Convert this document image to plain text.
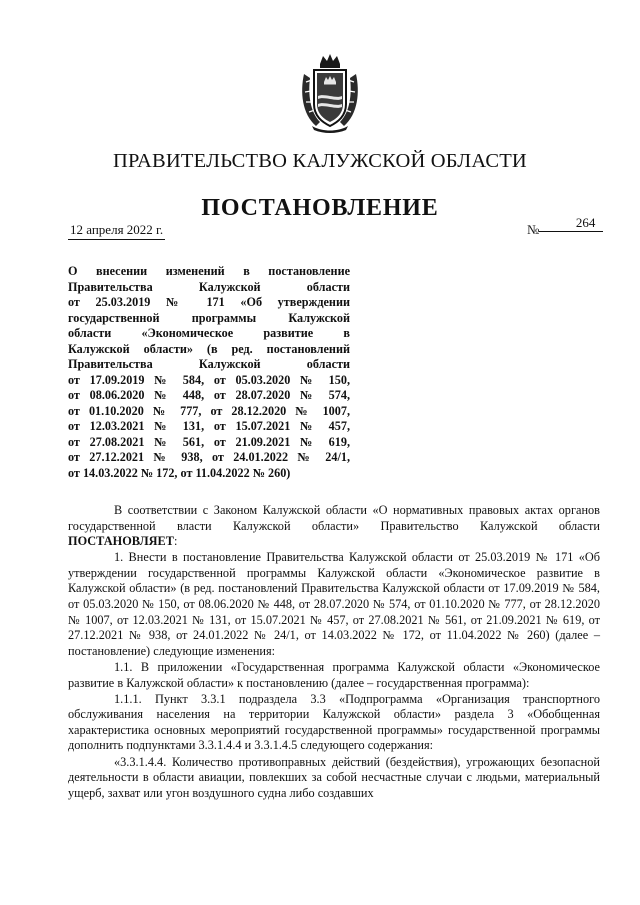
ПРАВИТЕЛЬСТВО КАЛУЖСКОЙ ОБЛАСТИ
ПОСТАНОВЛЕНИЕ
12 апреля 2022 г.	№	264
О внесении изменений в постановление
Правительства Калужской области
от 25.03.2019 № 171 «Об утверждении
государственной программы Калужской
области «Экономическое развитие в
Калужской области» (в ред. постановлений
Правительства Калужской области
от 17.09.2019 № 584, от 05.03.2020 № 150,
от 08.06.2020 № 448, от 28.07.2020 № 574,
от 01.10.2020 № 777, от 28.12.2020 № 1007,
от 12.03.2021 № 131, от 15.07.2021 № 457,
от 27.08.2021 № 561, от 21.09.2021 № 619,
от 27.12.2021 № 938, от 24.01.2022 № 24/1,
от 14.03.2022 № 172, от 11.04.2022 № 260)

В соответствии с Законом Калужской области «О нормативных правовых актах органов государственной власти Калужской области» Правительство Калужской области ПОСТАНОВЛЯЕТ:

1. Внести в постановление Правительства Калужской области от 25.03.2019 № 171 «Об утверждении государственной программы Калужской области «Экономическое развитие в Калужской области» (в ред. постановлений Правительства Калужской области от 17.09.2019 № 584, от 05.03.2020 № 150, от 08.06.2020 № 448, от 28.07.2020 № 574, от 01.10.2020 № 777, от 28.12.2020 № 1007, от 12.03.2021 № 131, от 15.07.2021 № 457, от 27.08.2021 № 561, от 21.09.2021 № 619, от 27.12.2021 № 938, от 24.01.2022 № 24/1, от 14.03.2022 № 172, от 11.04.2022 № 260) (далее – постановление) следующие изменения:

1.1. В приложении «Государственная программа Калужской области «Экономическое развитие в Калужской области» к постановлению (далее – государственная программа):

1.1.1. Пункт 3.3.1 подраздела 3.3 «Подпрограмма «Организация транспортного обслуживания населения на территории Калужской области» раздела 3 «Обобщенная характеристика основных мероприятий государственной программы» государственной программы дополнить подпунктами 3.3.1.4.4 и 3.3.1.4.5 следующего содержания:

«3.3.1.4.4. Количество противоправных действий (бездействия), угрожающих безопасной деятельности в области авиации, повлекших за собой несчастные случаи с людьми, материальный ущерб, захват или угон воздушного судна либо создавших
